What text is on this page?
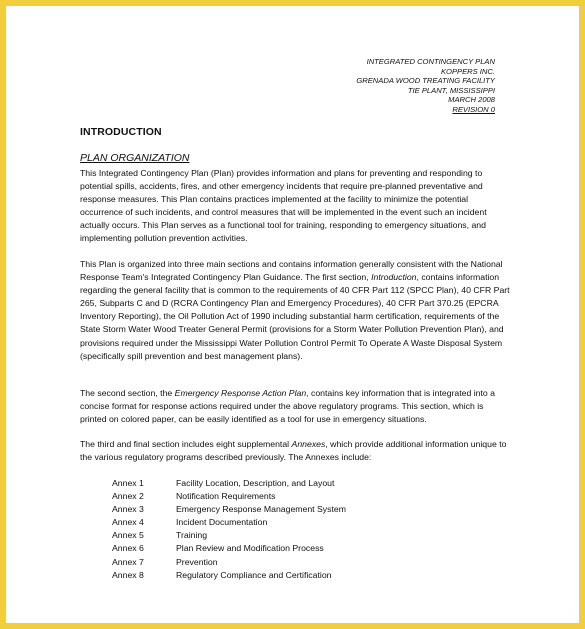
INTEGRATED CONTINGENCY PLAN
KOPPERS INC.
GRENADA WOOD TREATING FACILITY
TIE PLANT, MISSISSIPPI
MARCH 2008
REVISION 0
INTRODUCTION
PLAN ORGANIZATION

This Integrated Contingency Plan (Plan) provides information and plans for preventing and responding to potential spills, accidents, fires, and other emergency incidents that require pre-planned preventative and response measures. This Plan contains practices implemented at the facility to minimize the potential occurrence of such incidents, and control measures that will be implemented in the event such an incident actually occurs. This Plan serves as a functional tool for training, responding to emergency situations, and implementing pollution prevention activities.

This Plan is organized into three main sections and contains information generally consistent with the National Response Team's Integrated Contingency Plan Guidance. The first section, Introduction, contains information regarding the general facility that is common to the requirements of 40 CFR Part 112 (SPCC Plan), 40 CFR Part 265, Subparts C and D (RCRA Contingency Plan and Emergency Procedures), 40 CFR Part 370.25 (EPCRA Inventory Reporting), the Oil Pollution Act of 1990 including substantial harm certification, requirements of the State Storm Water Wood Treater General Permit (provisions for a Storm Water Pollution Prevention Plan), and provisions required under the Mississippi Water Pollution Control Permit To Operate A Waste Disposal System (specifically spill prevention and best management plans).

The second section, the Emergency Response Action Plan, contains key information that is integrated into a concise format for response actions required under the above regulatory programs. This section, which is printed on colored paper, can be easily identified as a tool for use in emergency situations.

The third and final section includes eight supplemental Annexes, which provide additional information unique to the various regulatory programs described previously. The Annexes include:

Annex 1	Facility Location, Description, and Layout
Annex 2	Notification Requirements
Annex 3	Emergency Response Management System
Annex 4	Incident Documentation
Annex 5	Training
Annex 6	Plan Review and Modification Process
Annex 7	Prevention
Annex 8	Regulatory Compliance and Certification
